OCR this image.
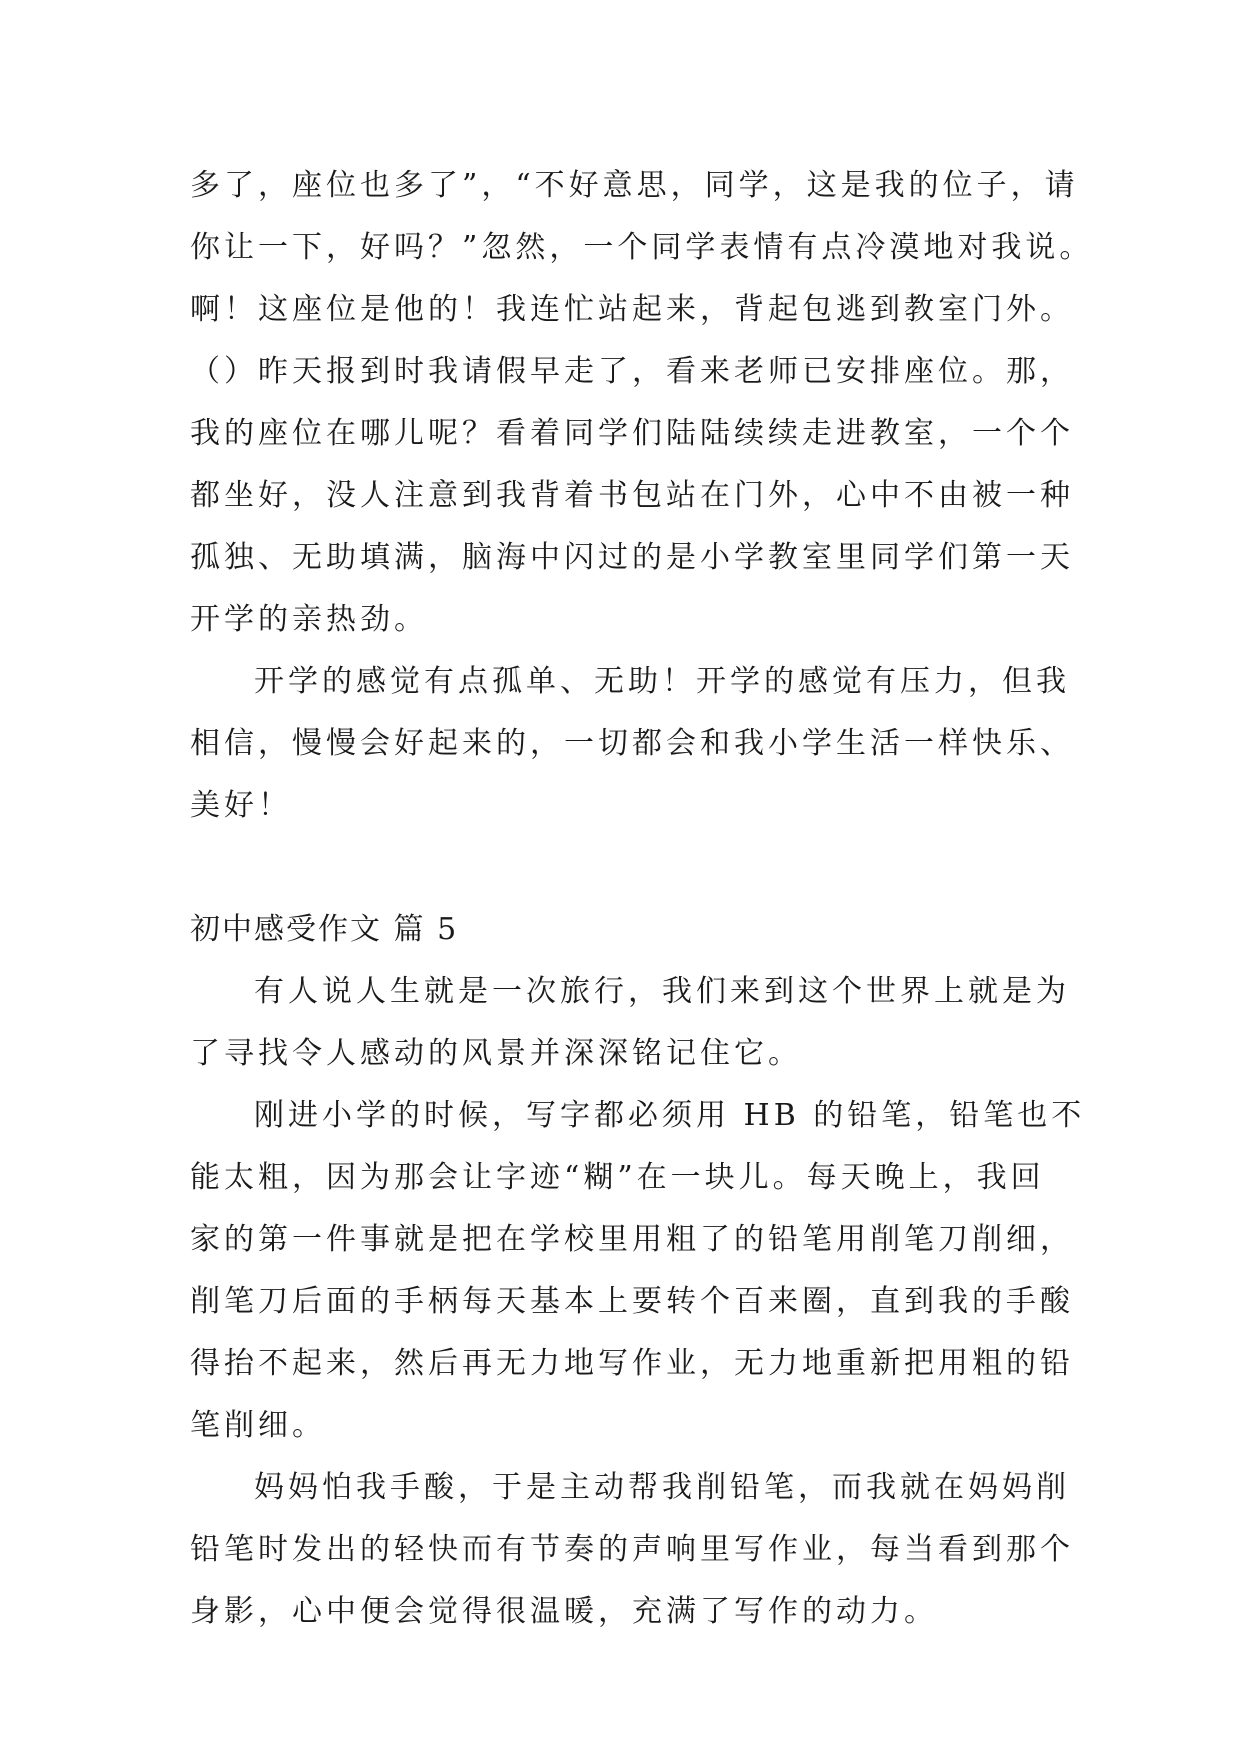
多了，座位也多了”，“不好意思，同学，这是我的位子，请
你让一下，好吗？”忽然，一个同学表情有点冷漠地对我说。
啊！这座位是他的！我连忙站起来，背起包逃到教室门外。
（）昨天报到时我请假早走了，看来老师已安排座位。那，
我的座位在哪儿呢？看着同学们陆陆续续走进教室，一个个
都坐好，没人注意到我背着书包站在门外，心中不由被一种
孤独、无助填满，脑海中闪过的是小学教室里同学们第一天
开学的亲热劲。

开学的感觉有点孤单、无助！开学的感觉有压力，但我
相信，慢慢会好起来的，一切都会和我小学生活一样快乐、
美好！

初中感受作文 篇 5

有人说人生就是一次旅行，我们来到这个世界上就是为
了寻找令人感动的风景并深深铭记住它。

刚进小学的时候，写字都必须用 HB 的铅笔，铅笔也不
能太粗，因为那会让字迹“糊”在一块儿。每天晚上，我回
家的第一件事就是把在学校里用粗了的铅笔用削笔刀削细，
削笔刀后面的手柄每天基本上要转个百来圈，直到我的手酸
得抬不起来，然后再无力地写作业，无力地重新把用粗的铅
笔削细。

妈妈怕我手酸，于是主动帮我削铅笔，而我就在妈妈削
铅笔时发出的轻快而有节奏的声响里写作业，每当看到那个
身影，心中便会觉得很温暖，充满了写作的动力。
